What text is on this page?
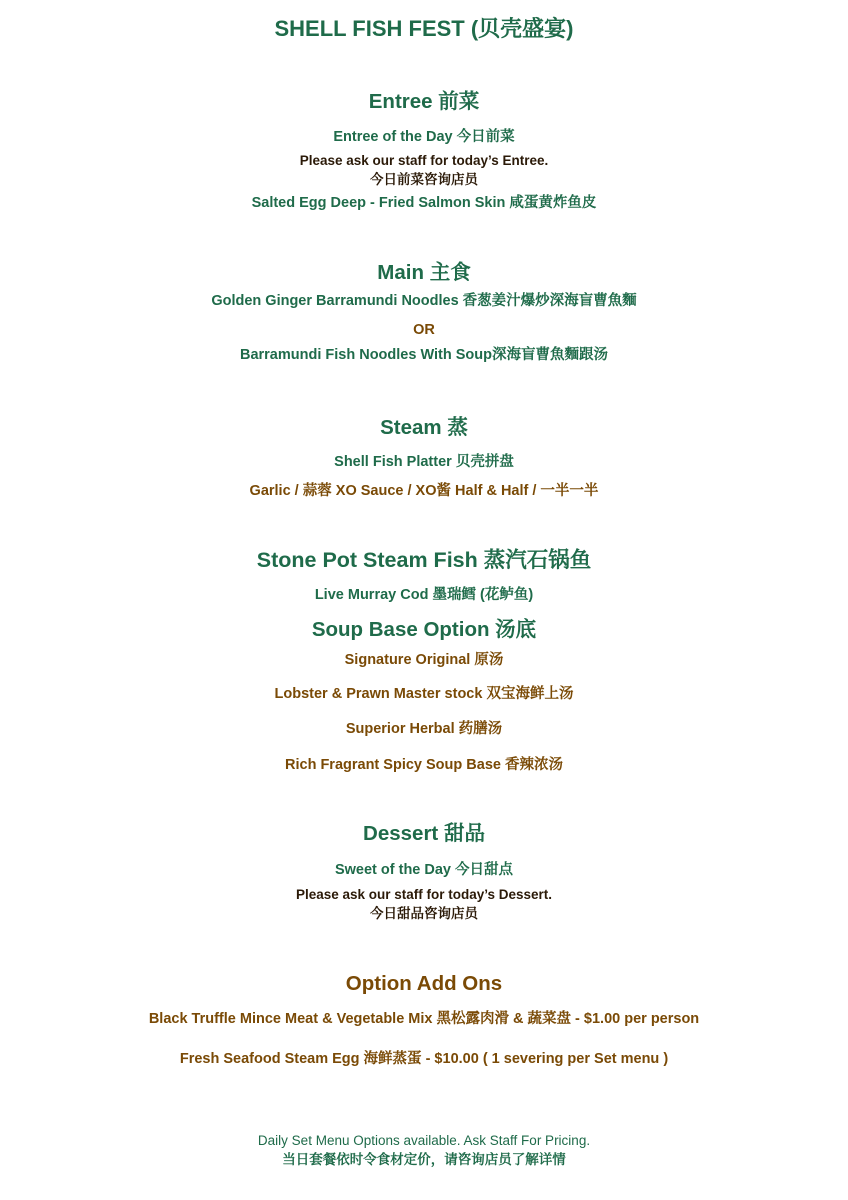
SHELL FISH FEST (贝壳盛宴)
Entree 前菜
Entree of the Day 今日前菜
Please ask our staff for today’s Entree.
今日前菜咨询店员
Salted Egg Deep - Fried Salmon Skin 咸蛋黄炸鱼皮
Main 主食
Golden Ginger Barramundi Noodles 香葱姜汁爆炒深海盲曹魚麵
OR
Barramundi Fish Noodles With Soup深海盲曹魚麵跟汤
Steam 蒸
Shell Fish Platter 贝壳拼盘
Garlic / 蒜蓉 XO Sauce / XO酱 Half & Half / 一半一半
Stone Pot Steam Fish 蒸汽石锅鱼
Live Murray Cod 墨瑞鳕 (花鲈鱼)
Soup Base Option 汤底
Signature Original 原汤
Lobster & Prawn Master stock 双宝海鲜上汤
Superior Herbal 药膳汤
Rich Fragrant Spicy Soup Base 香辣浓汤
Dessert 甜品
Sweet of the Day 今日甜点
Please ask our staff for today’s Dessert.
今日甜品咨询店员
Option Add Ons
Black Truffle Mince Meat & Vegetable Mix 黑松露肉滑 & 蔬菜盘 - $1.00 per person
Fresh Seafood Steam Egg 海鲜蒸蛋 - $10.00 ( 1 severing per Set menu )
Daily Set Menu Options available. Ask Staff For Pricing.
当日套餐依时令食材定价，请咨询店员了解详情
